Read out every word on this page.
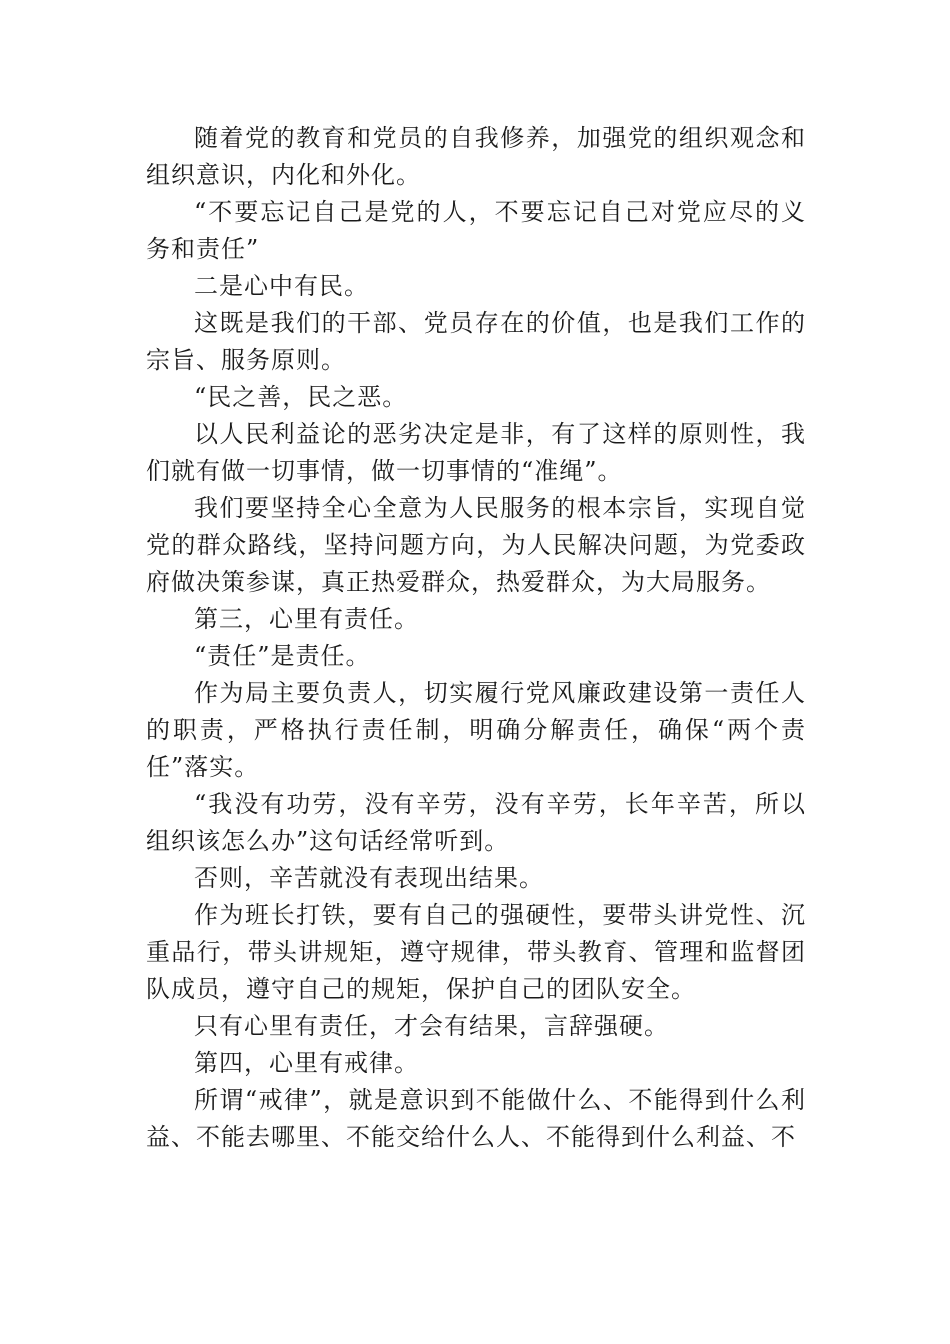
随着党的教育和党员的自我修养，加强党的组织观念和组织意识，内化和外化。

“不要忘记自己是党的人，不要忘记自己对党应尽的义务和责任”

二是心中有民。

这既是我们的干部、党员存在的价值，也是我们工作的宗旨、服务原则。

“民之善，民之恶。

以人民利益论的恶劣决定是非，有了这样的原则性，我们就有做一切事情，做一切事情的“准绳”。

我们要坚持全心全意为人民服务的根本宗旨，实现自觉党的群众路线，坚持问题方向，为人民解决问题，为党委政府做决策参谋，真正热爱群众，热爱群众，为大局服务。

第三，心里有责任。

“责任”是责任。

作为局主要负责人，切实履行党风廉政建设第一责任人的职责，严格执行责任制，明确分解责任，确保“两个责任”落实。

“我没有功劳，没有辛劳，没有辛劳，长年辛苦，所以组织该怎么办”这句话经常听到。

否则，辛苦就没有表现出结果。

作为班长打铁，要有自己的强硬性，要带头讲党性、沉重品行，带头讲规矩，遵守规律，带头教育、管理和监督团队成员，遵守自己的规矩，保护自己的团队安全。

只有心里有责任，才会有结果，言辞强硬。

第四，心里有戒律。

所谓“戒律”，就是意识到不能做什么、不能得到什么利益、不能去哪里、不能交给什么人、不能得到什么利益、不
